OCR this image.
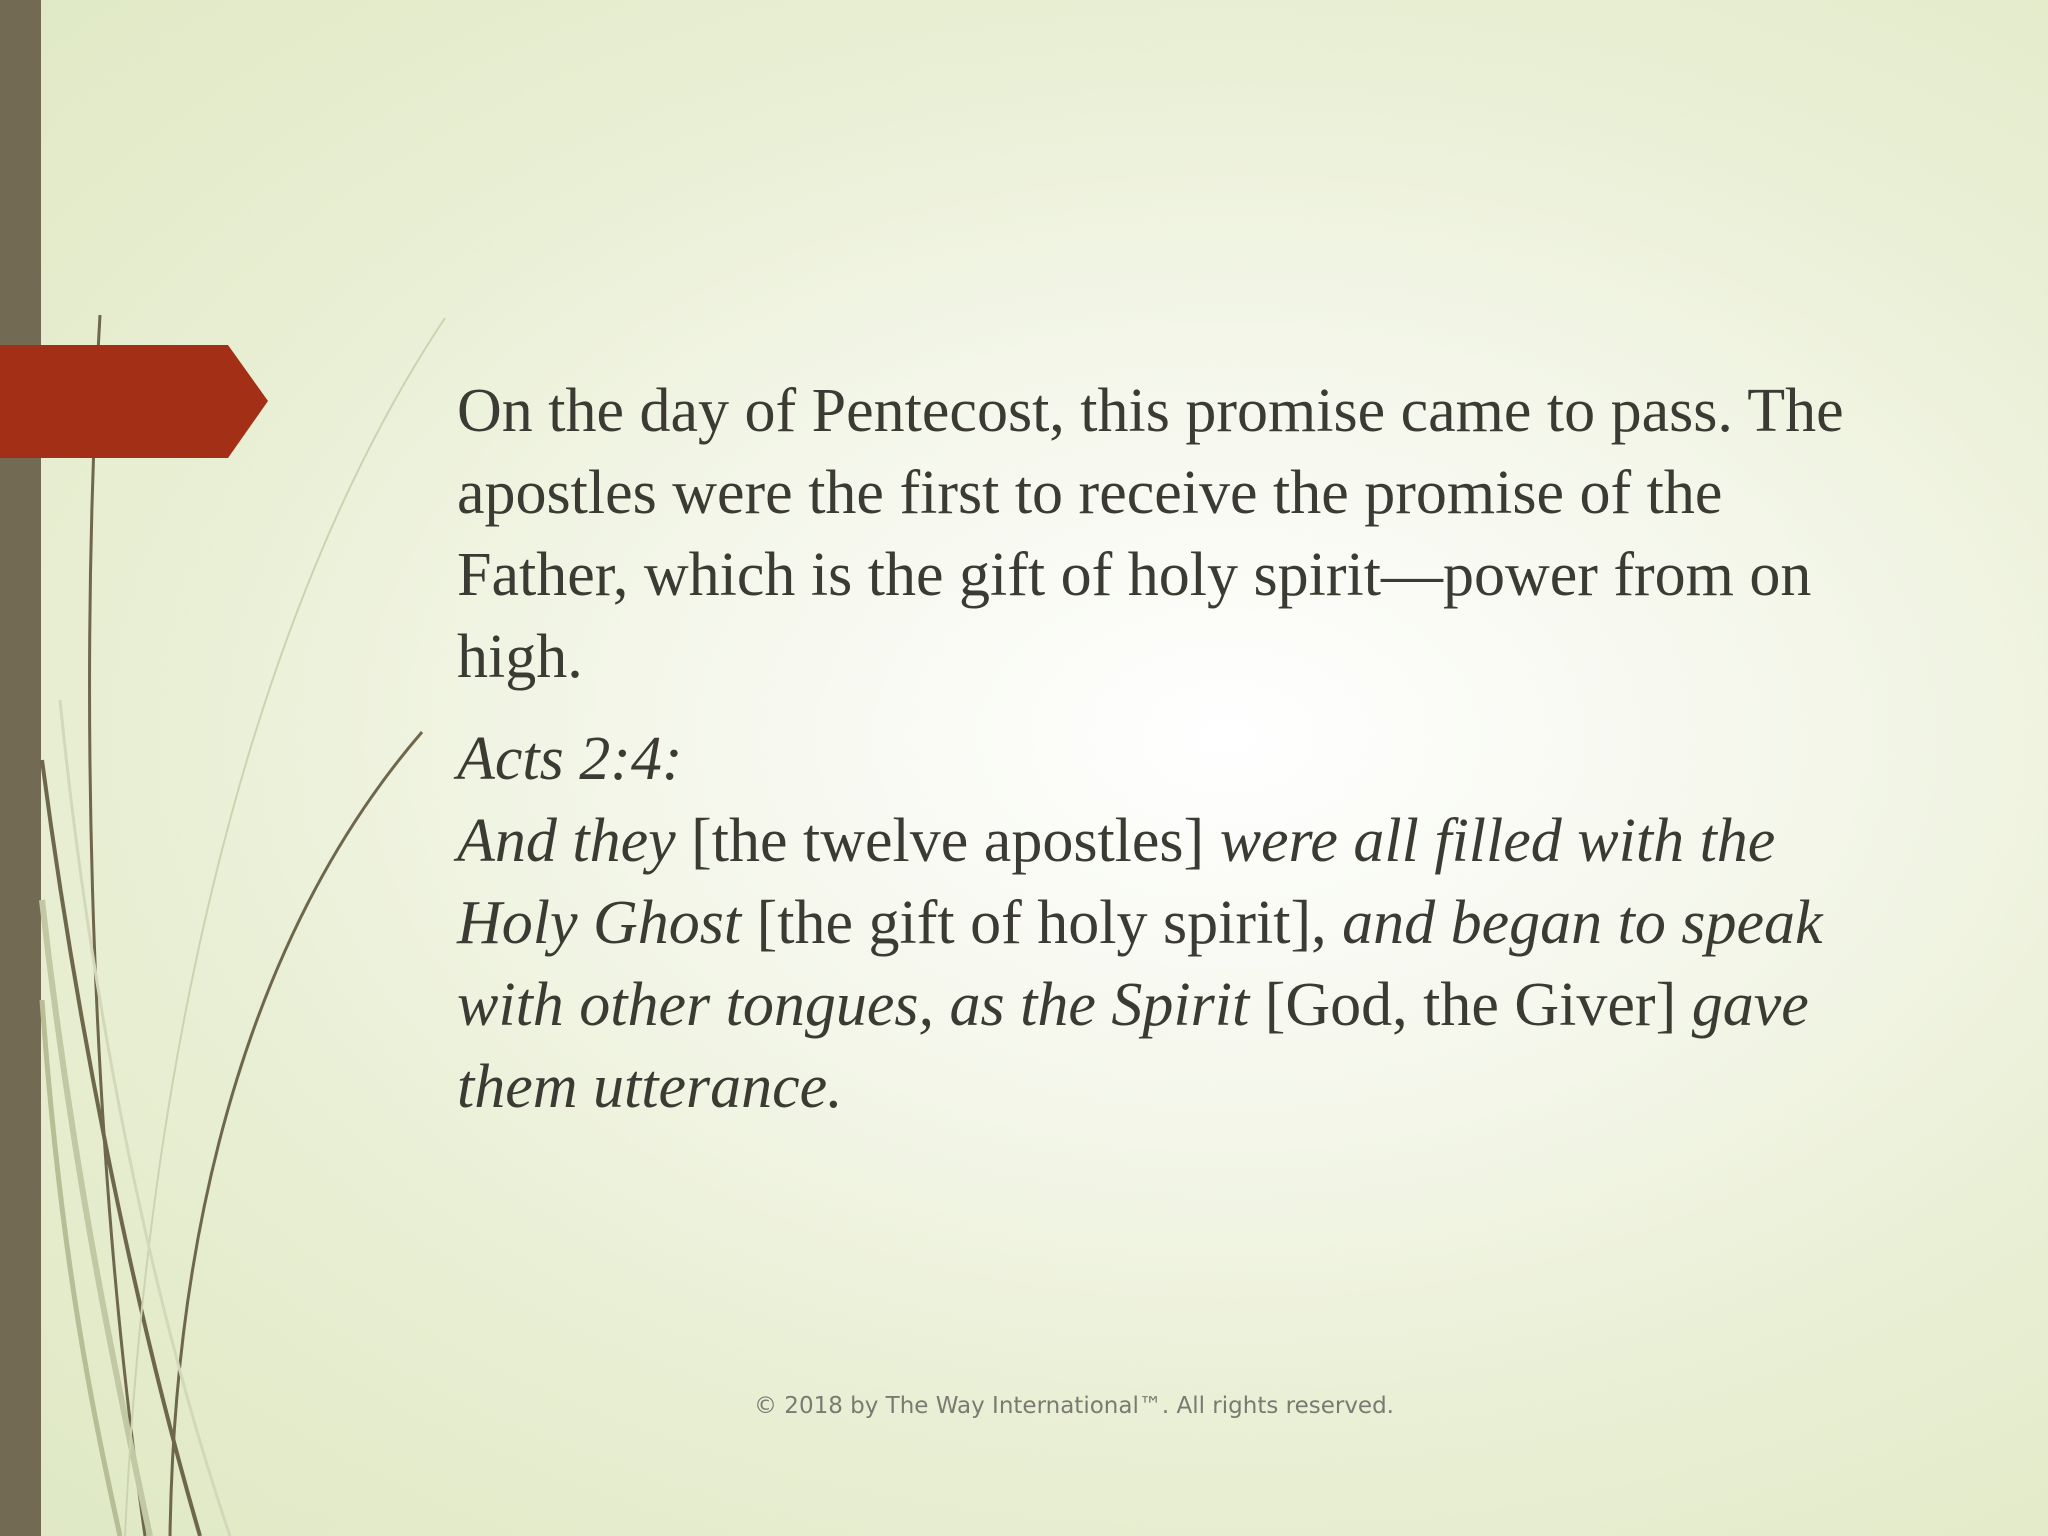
On the day of Pentecost, this promise came to pass. The apostles were the first to receive the promise of the Father, which is the gift of holy spirit—power from on high.

Acts 2:4:

And they [the twelve apostles] were all filled with the Holy Ghost [the gift of holy spirit], and began to speak with other tongues, as the Spirit [God, the Giver] gave them utterance.

© 2018 by The Way International™. All rights reserved.
